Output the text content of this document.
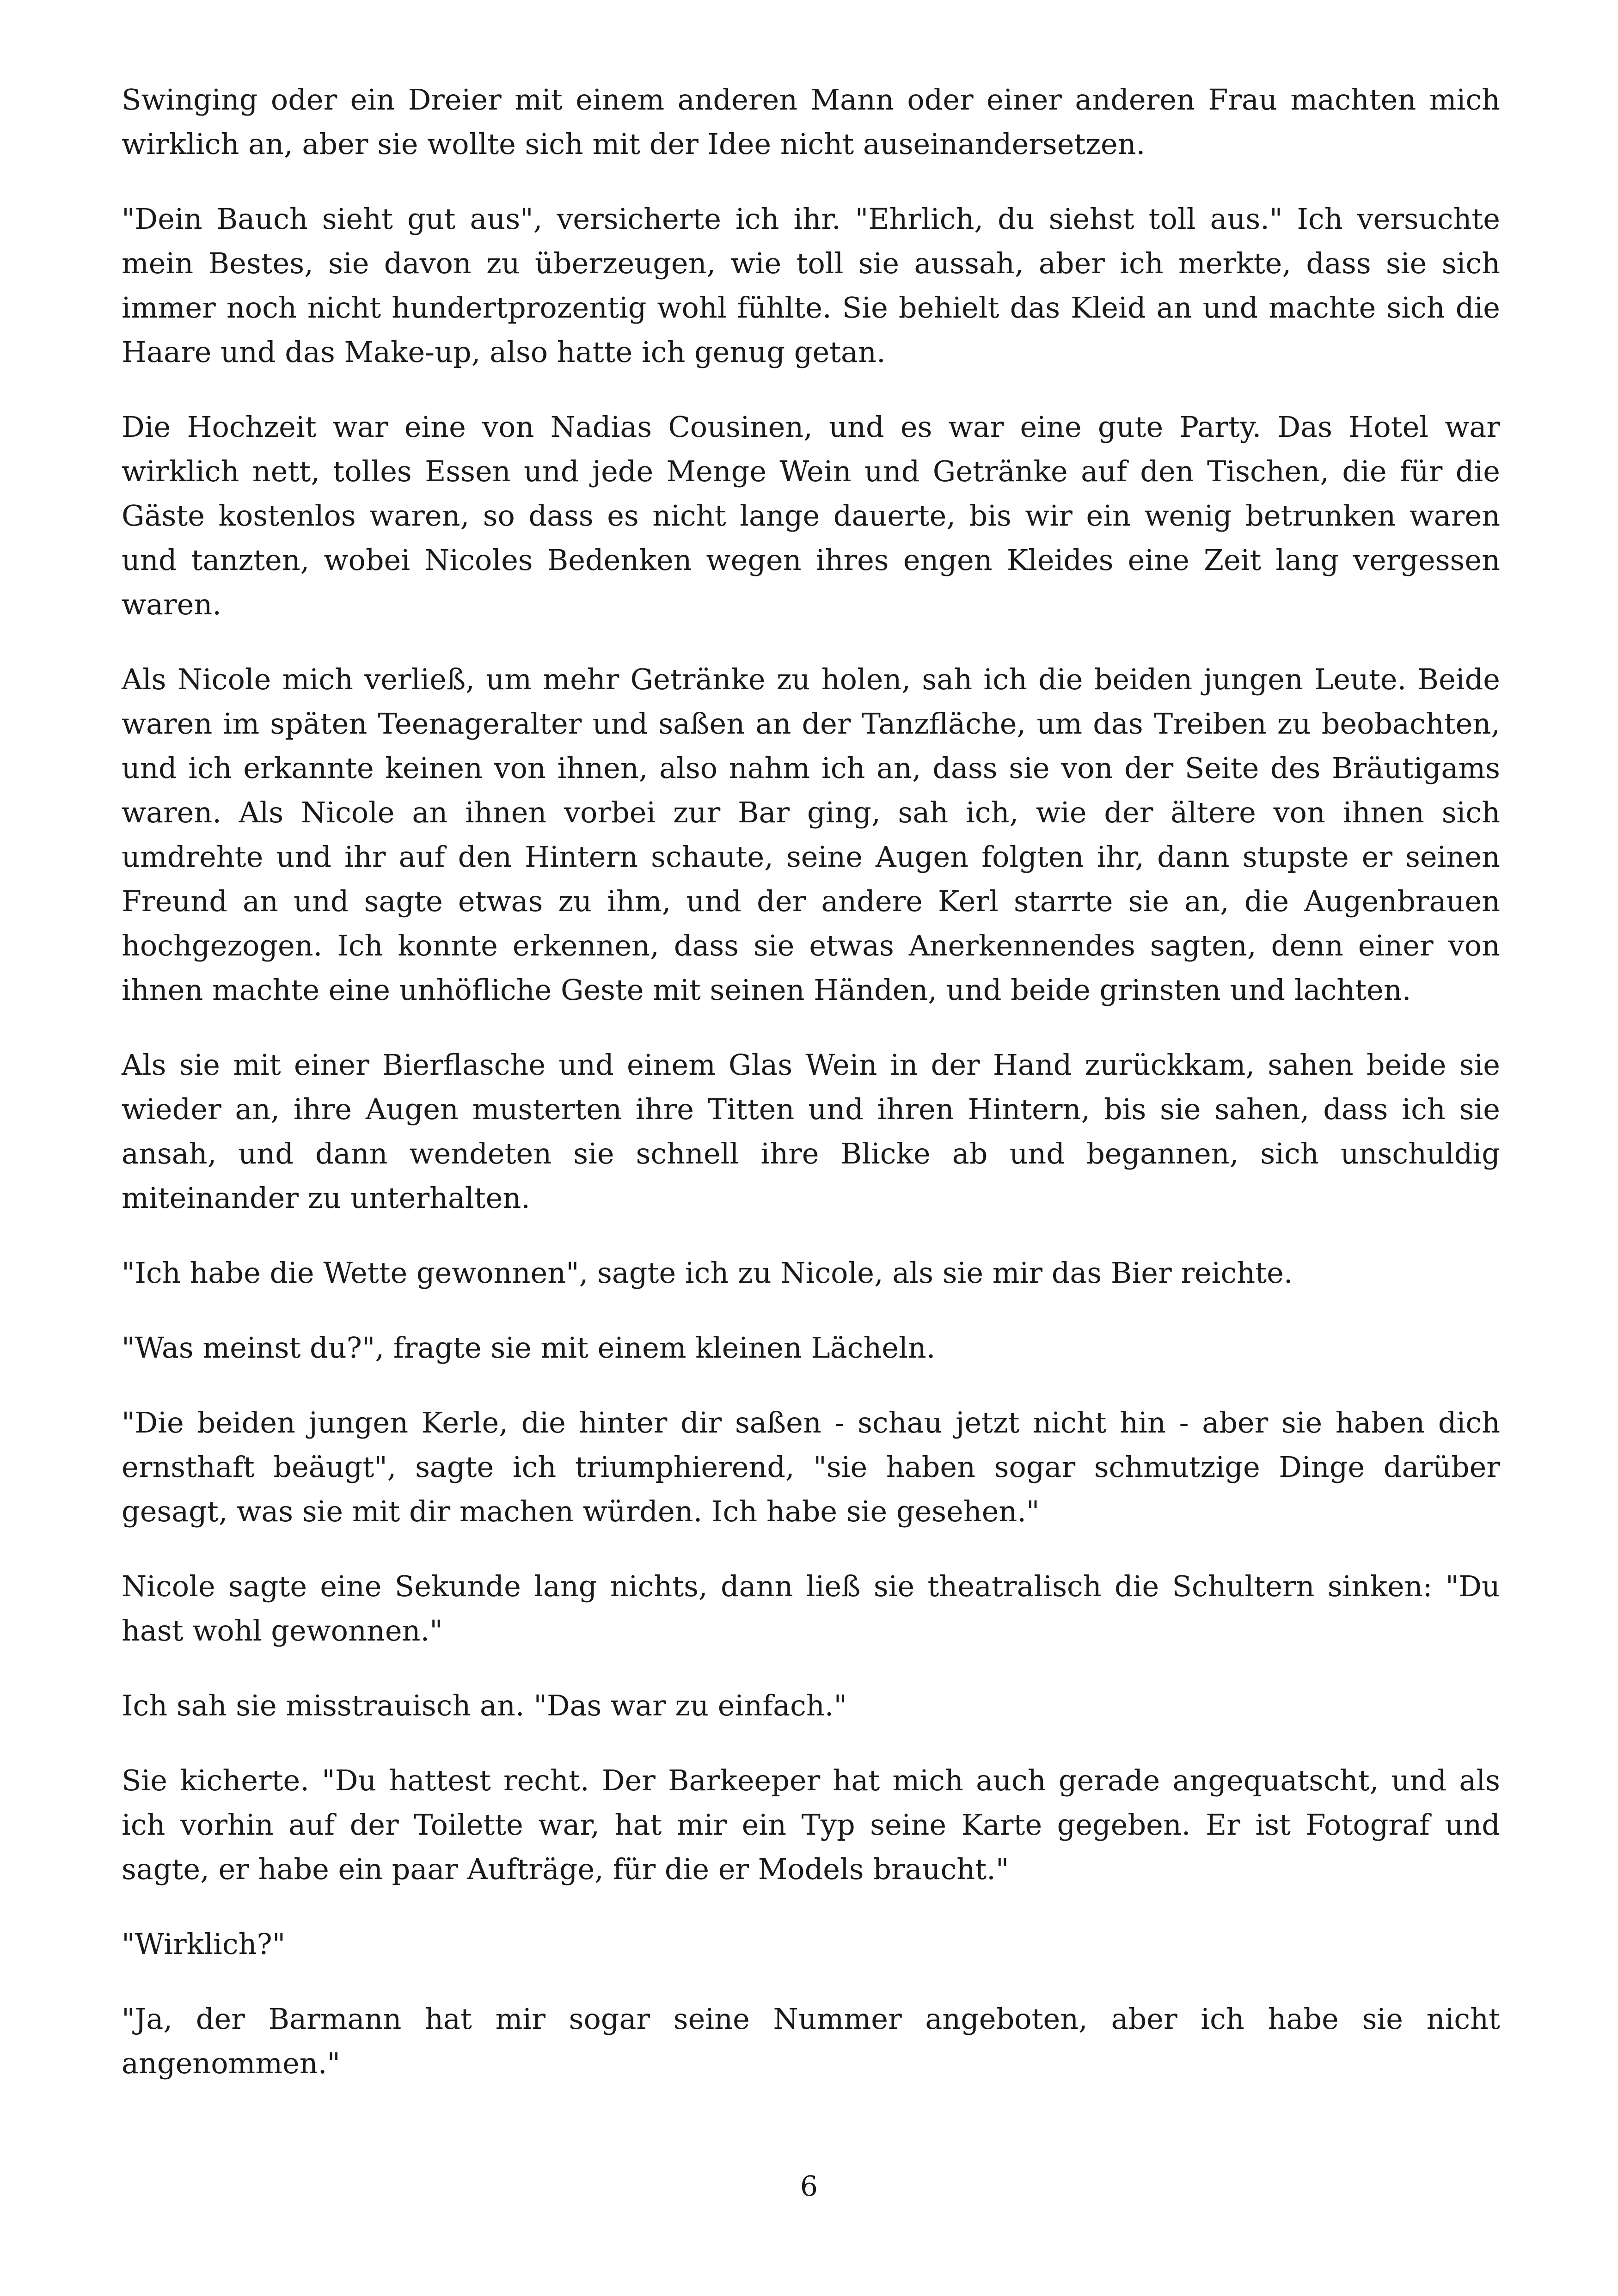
Swinging oder ein Dreier mit einem anderen Mann oder einer anderen Frau machten mich wirklich an, aber sie wollte sich mit der Idee nicht auseinandersetzen.

"Dein Bauch sieht gut aus", versicherte ich ihr. "Ehrlich, du siehst toll aus." Ich versuchte mein Bestes, sie davon zu überzeugen, wie toll sie aussah, aber ich merkte, dass sie sich immer noch nicht hundertprozentig wohl fühlte. Sie behielt das Kleid an und machte sich die Haare und das Make-up, also hatte ich genug getan.

Die Hochzeit war eine von Nadias Cousinen, und es war eine gute Party. Das Hotel war wirklich nett, tolles Essen und jede Menge Wein und Getränke auf den Tischen, die für die Gäste kostenlos waren, so dass es nicht lange dauerte, bis wir ein wenig betrunken waren und tanzten, wobei Nicoles Bedenken wegen ihres engen Kleides eine Zeit lang vergessen waren.

Als Nicole mich verließ, um mehr Getränke zu holen, sah ich die beiden jungen Leute. Beide waren im späten Teenageralter und saßen an der Tanzfläche, um das Treiben zu beobachten, und ich erkannte keinen von ihnen, also nahm ich an, dass sie von der Seite des Bräutigams waren. Als Nicole an ihnen vorbei zur Bar ging, sah ich, wie der ältere von ihnen sich umdrehte und ihr auf den Hintern schaute, seine Augen folgten ihr, dann stupste er seinen Freund an und sagte etwas zu ihm, und der andere Kerl starrte sie an, die Augenbrauen hochgezogen. Ich konnte erkennen, dass sie etwas Anerkennendes sagten, denn einer von ihnen machte eine unhöfliche Geste mit seinen Händen, und beide grinsten und lachten.

Als sie mit einer Bierflasche und einem Glas Wein in der Hand zurückkam, sahen beide sie wieder an, ihre Augen musterten ihre Titten und ihren Hintern, bis sie sahen, dass ich sie ansah, und dann wendeten sie schnell ihre Blicke ab und begannen, sich unschuldig miteinander zu unterhalten.

"Ich habe die Wette gewonnen", sagte ich zu Nicole, als sie mir das Bier reichte.

"Was meinst du?", fragte sie mit einem kleinen Lächeln.

"Die beiden jungen Kerle, die hinter dir saßen - schau jetzt nicht hin - aber sie haben dich ernsthaft beäugt", sagte ich triumphierend, "sie haben sogar schmutzige Dinge darüber gesagt, was sie mit dir machen würden. Ich habe sie gesehen."

Nicole sagte eine Sekunde lang nichts, dann ließ sie theatralisch die Schultern sinken: "Du hast wohl gewonnen."

Ich sah sie misstrauisch an. "Das war zu einfach."

Sie kicherte. "Du hattest recht. Der Barkeeper hat mich auch gerade angequatscht, und als ich vorhin auf der Toilette war, hat mir ein Typ seine Karte gegeben. Er ist Fotograf und sagte, er habe ein paar Aufträge, für die er Models braucht."

"Wirklich?"

"Ja, der Barmann hat mir sogar seine Nummer angeboten, aber ich habe sie nicht angenommen."

6
